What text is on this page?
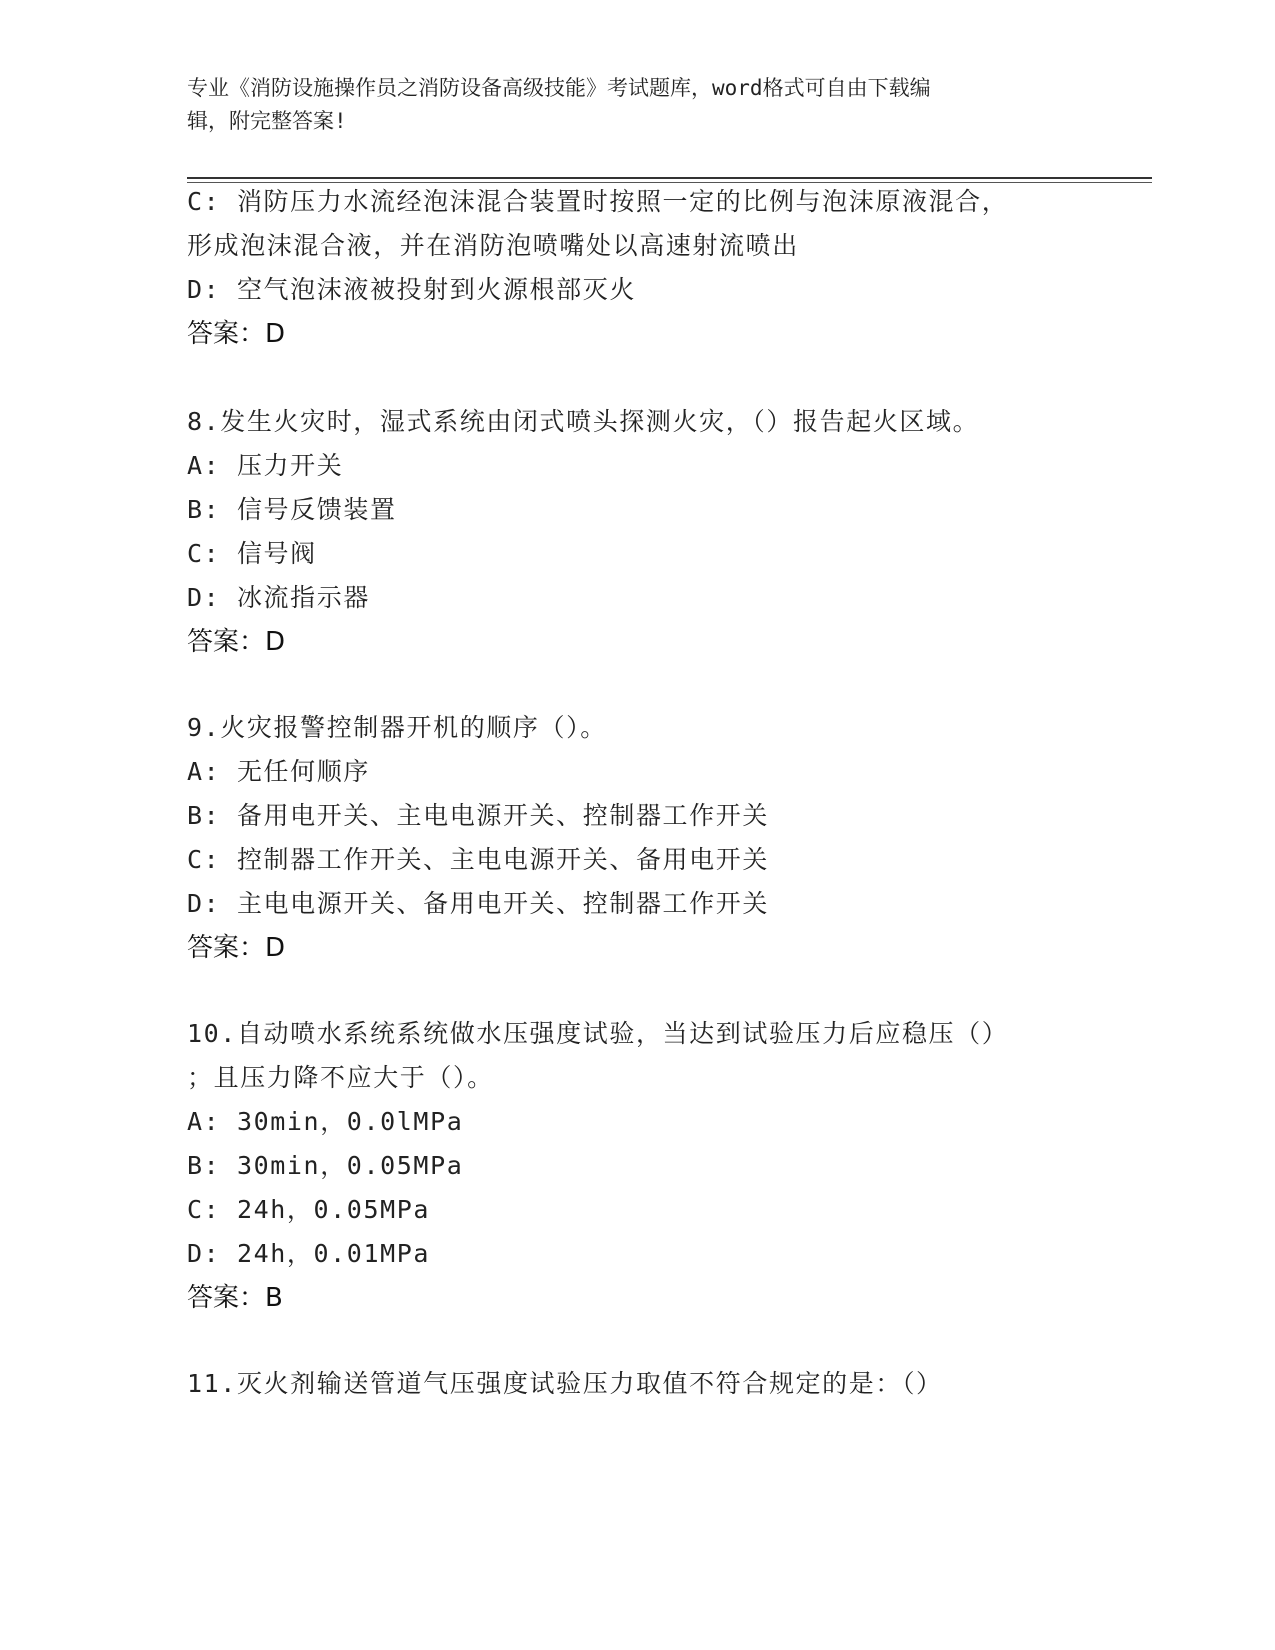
专业《消防设施操作员之消防设备高级技能》考试题库，word格式可自由下载编
辑，附完整答案!
C: 消防压力水流经泡沫混合装置时按照一定的比例与泡沫原液混合，
形成泡沫混合液，并在消防泡喷嘴处以高速射流喷出
D: 空气泡沫液被投射到火源根部灭火
答案：D
8.发生火灾时，湿式系统由闭式喷头探测火灾，（）报告起火区域。
A: 压力开关
B: 信号反馈装置
C: 信号阀
D: 冰流指示器
答案：D
9.火灾报警控制器开机的顺序（）。
A: 无任何顺序
B: 备用电开关、主电电源开关、控制器工作开关
C: 控制器工作开关、主电电源开关、备用电开关
D: 主电电源开关、备用电开关、控制器工作开关
答案：D
10.自动喷水系统系统做水压强度试验，当达到试验压力后应稳压（）
；且压力降不应大于（）。
A: 30min，0.0lMPa
B: 30min，0.05MPa
C: 24h，0.05MPa
D: 24h，0.01MPa
答案：B
11.灭火剂输送管道气压强度试验压力取值不符合规定的是：（）
